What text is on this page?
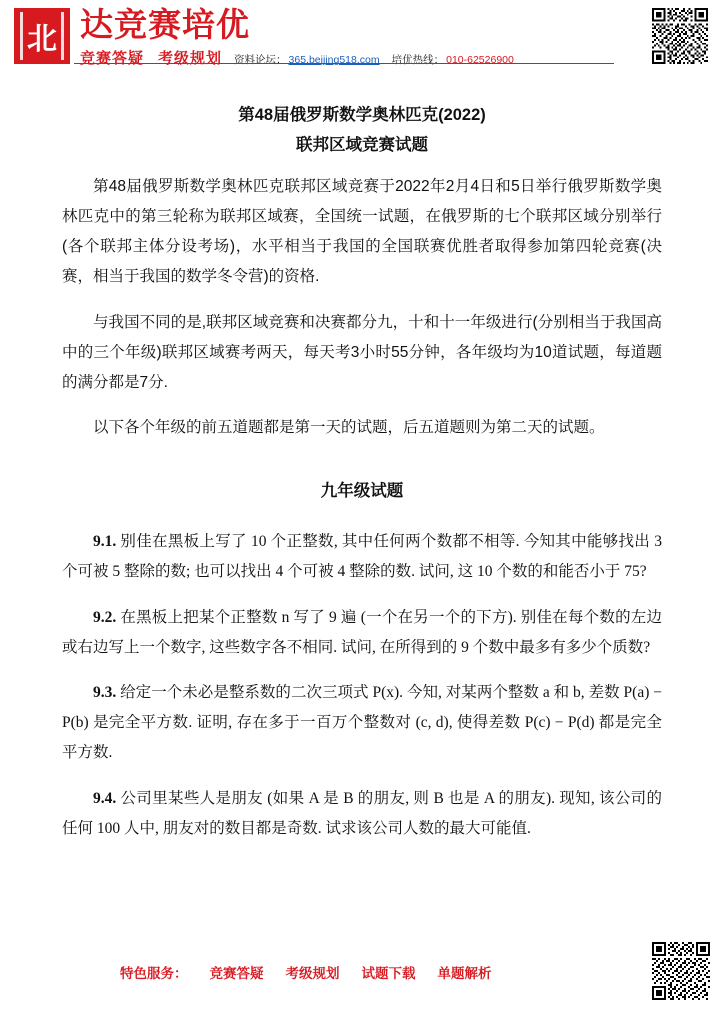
北 达竞赛培优
竞赛答疑 考级规划 资料论坛： 365.beijing518.com 培优热线： 010-62526900
第48届俄罗斯数学奥林匹克(2022)
联邦区域竞赛试题

第48届俄罗斯数学奥林匹克联邦区域竞赛于2022年2月4日和5日举行俄罗斯数学奥林匹克中的第三轮称为联邦区域赛，全国统一试题，在俄罗斯的七个联邦区域分别举行(各个联邦主体分设考场)，水平相当于我国的全国联赛优胜者取得参加第四轮竞赛(决赛，相当于我国的数学冬令营)的资格.

与我国不同的是,联邦区域竞赛和决赛都分九，十和十一年级进行(分别相当于我国高中的三个年级)联邦区域赛考两天，每天考3小时55分钟，各年级均为10道试题，每道题的满分都是7分.

以下各个年级的前五道题都是第一天的试题，后五道题则为第二天的试题。

九年级试题

9.1. 别佳在黑板上写了 10 个正整数, 其中任何两个数都不相等. 今知其中能够找出 3 个可被 5 整除的数; 也可以找出 4 个可被 4 整除的数. 试问, 这 10 个数的和能否小于 75?

9.2. 在黑板上把某个正整数 n 写了 9 遍 (一个在另一个的下方). 别佳在每个数的左边或右边写上一个数字, 这些数字各不相同. 试问, 在所得到的 9 个数中最多有多少个质数?

9.3. 给定一个未必是整系数的二次三项式 P(x). 今知, 对某两个整数 a 和 b, 差数 P(a) − P(b) 是完全平方数. 证明, 存在多于一百万个整数对 (c, d), 使得差数 P(c) − P(d) 都是完全平方数.

9.4. 公司里某些人是朋友 (如果 A 是 B 的朋友, 则 B 也是 A 的朋友). 现知, 该公司的任何 100 人中, 朋友对的数目都是奇数. 试求该公司人数的最大可能值.

特色服务： 竞赛答疑 考级规划 试题下载 单题解析
